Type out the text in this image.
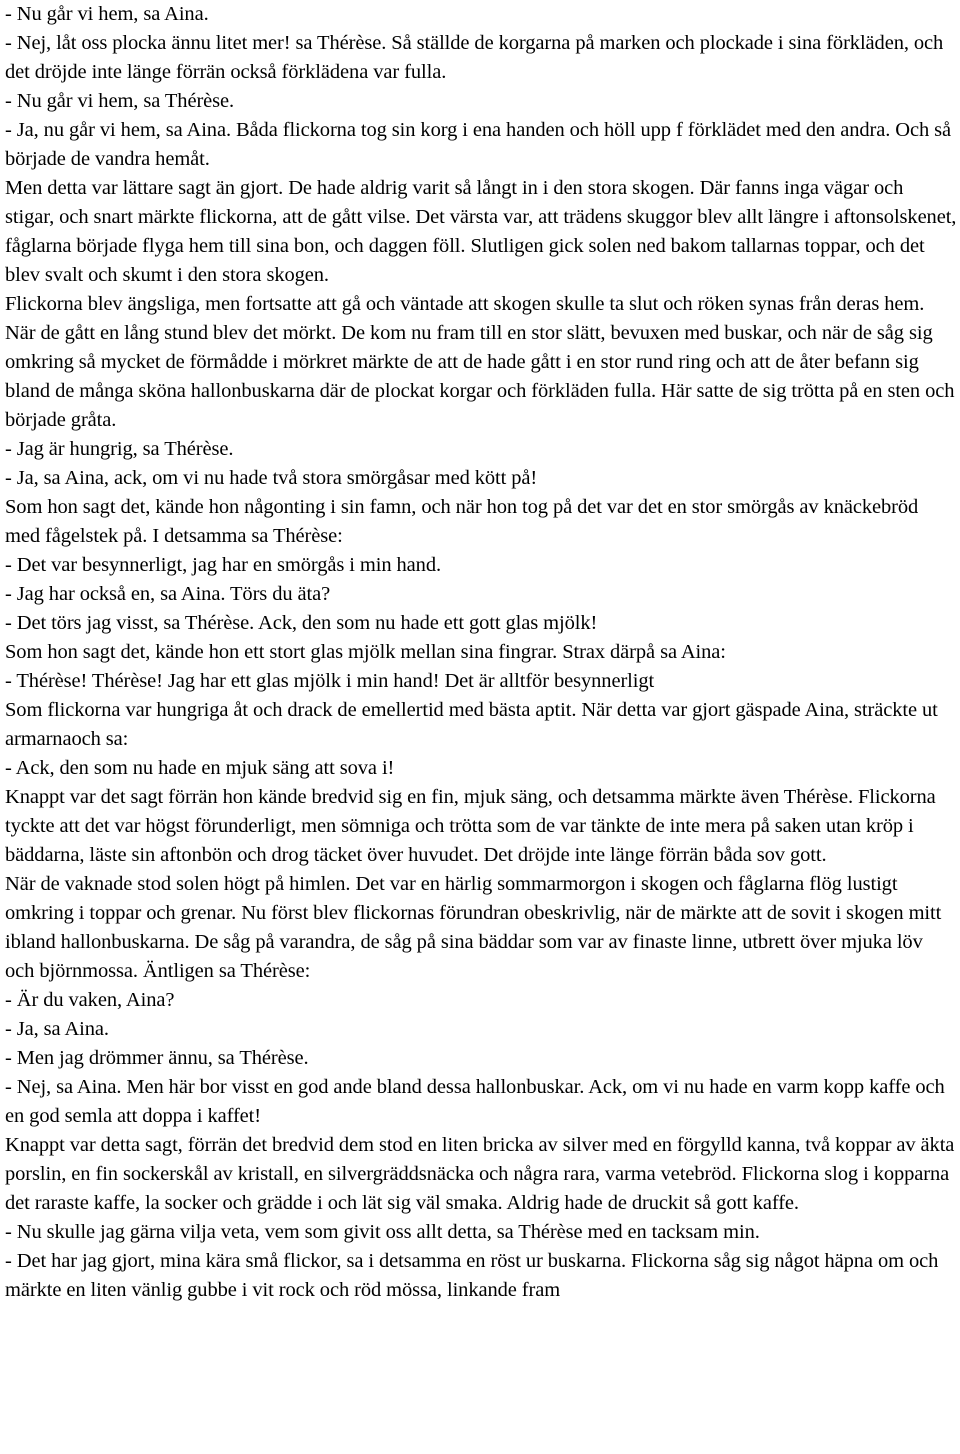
- Nu går vi hem, sa Aina.

- Nej, låt oss plocka ännu litet mer! sa Thérèse. Så ställde de korgarna på marken och plockade i sina förkläden, och det dröjde inte länge förrän också förklädena var fulla.

- Nu går vi hem, sa Thérèse.

- Ja, nu går vi hem, sa Aina. Båda flickorna tog sin korg i ena handen och höll upp f förklädet med den andra. Och så började de vandra hemåt.

Men detta var lättare sagt än gjort. De hade aldrig varit så långt in i den stora skogen. Där fanns inga vägar och stigar, och snart märkte flickorna, att de gått vilse. Det värsta var, att trädens skuggor blev allt längre i aftonsolskenet, fåglarna började flyga hem till sina bon, och daggen föll. Slutligen gick solen ned bakom tallarnas toppar, och det blev svalt och skumt i den stora skogen.

Flickorna blev ängsliga, men fortsatte att gå och väntade att skogen skulle ta slut och röken synas från deras hem.

När de gått en lång stund blev det mörkt. De kom nu fram till en stor slätt, bevuxen med buskar, och när de såg sig omkring så mycket de förmådde i mörkret märkte de att de hade gått i en stor rund ring och att de åter befann sig bland de många sköna hallonbuskarna där de plockat korgar och förkläden fulla. Här satte de sig trötta på en sten och började gråta.

- Jag är hungrig, sa Thérèse.

- Ja, sa Aina, ack, om vi nu hade två stora smörgåsar med kött på!

Som hon sagt det, kände hon någonting i sin famn, och när hon tog på det var det en stor smörgås av knäckebröd med fågelstek på. I detsamma sa Thérèse:

- Det var besynnerligt, jag har en smörgås i min hand.

- Jag har också en, sa Aina. Törs du äta?

- Det törs jag visst, sa Thérèse. Ack, den som nu hade ett gott glas mjölk!

Som hon sagt det, kände hon ett stort glas mjölk mellan sina fingrar. Strax därpå sa Aina:

- Thérèse! Thérèse! Jag har ett glas mjölk i min hand! Det är alltför besynnerligt

Som flickorna var hungriga åt och drack de emellertid med bästa aptit. När detta var gjort gäspade Aina, sträckte ut armarnaoch sa:

- Ack, den som nu hade en mjuk säng att sova i!

Knappt var det sagt förrän hon kände bredvid sig en fin, mjuk säng, och detsamma märkte även Thérèse. Flickorna tyckte att det var högst förunderligt, men sömniga och trötta som de var tänkte de inte mera på saken utan kröp i bäddarna, läste sin aftonbön och drog täcket över huvudet. Det dröjde inte länge förrän båda sov gott.

När de vaknade stod solen högt på himlen. Det var en härlig sommarmorgon i skogen och fåglarna flög lustigt omkring i toppar och grenar. Nu först blev flickornas förundran obeskrivlig, när de märkte att de sovit i skogen mitt ibland hallonbuskarna. De såg på varandra, de såg på sina bäddar som var av finaste linne, utbrett över mjuka löv och björnmossa. Äntligen sa Thérèse:

- Är du vaken, Aina?

- Ja, sa Aina.

- Men jag drömmer ännu, sa Thérèse.

- Nej, sa Aina. Men här bor visst en god ande bland dessa hallonbuskar. Ack, om vi nu hade en varm kopp kaffe och en god semla att doppa i kaffet!

Knappt var detta sagt, förrän det bredvid dem stod en liten bricka av silver med en förgylld kanna, två koppar av äkta porslin, en fin sockerskål av kristall, en silvergräddsnäcka och några rara, varma vetebröd. Flickorna slog i kopparna det raraste kaffe, la socker och grädde i och lät sig väl smaka. Aldrig hade de druckit så gott kaffe.

- Nu skulle jag gärna vilja veta, vem som givit oss allt detta, sa Thérèse med en tacksam min.

- Det har jag gjort, mina kära små flickor, sa i detsamma en röst ur buskarna. Flickorna såg sig något häpna om och märkte en liten vänlig gubbe i vit rock och röd mössa, linkande fram
